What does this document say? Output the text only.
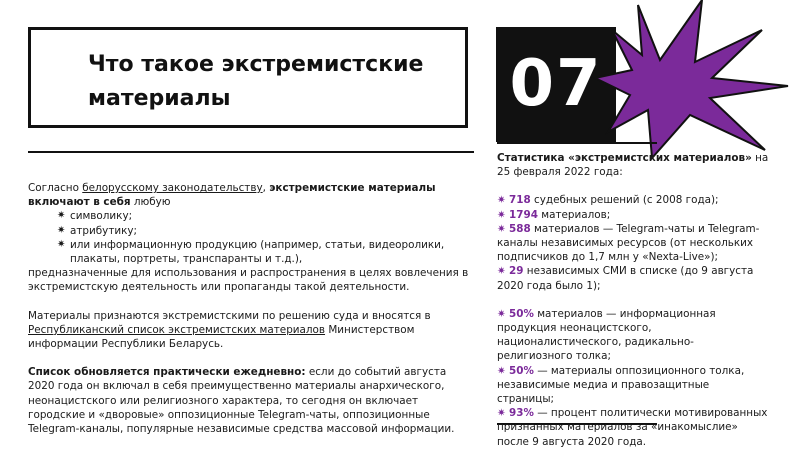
Что такое экстремистские материалы	07

Согласно белорусскому законодательству, экстремистские материалы включают в себя любую

✷ символику;
✷ атрибутику;
✷ или информационную продукцию (например, статьи, видеоролики, плакаты, портреты, транспаранты и т.д.),

предназначенные для использования и распространения в целях вовлечения в экстремистскую деятельность или пропаганды такой деятельности.

Материалы признаются экстремистскими по решению суда и вносятся в Республиканский список экстремистских материалов Министерством информации Республики Беларусь.

Список обновляется практически ежедневно: если до событий августа 2020 года он включал в себя преимущественно материалы анархического, неонацистского или религиозного характера, то сегодня он включает городские и «дворовые» оппозиционные Telegram-чаты, оппозиционные Telegram-каналы, популярные независимые средства массовой информации.

Статистика «экстремистских материалов» на 25 февраля 2022 года:

✷ 718 судебных решений (с 2008 года);

✷ 1794 материалов;

✷ 588 материалов — Telegram-чаты и Telegram-каналы независимых ресурсов (от нескольких подписчиков до 1,7 млн у «Nexta-Live»);

✷ 29 независимых СМИ в списке (до 9 августа 2020 года было 1);

✷ 50% материалов — информационная продукция неонацистского, националистического, радикально-религиозного толка;

✷ 50% — материалы оппозиционного толка, независимые медиа и правозащитные страницы;

✷ 93% — процент политически мотивированных признанных материалов за «инакомыслие» после 9 августа 2020 года.
